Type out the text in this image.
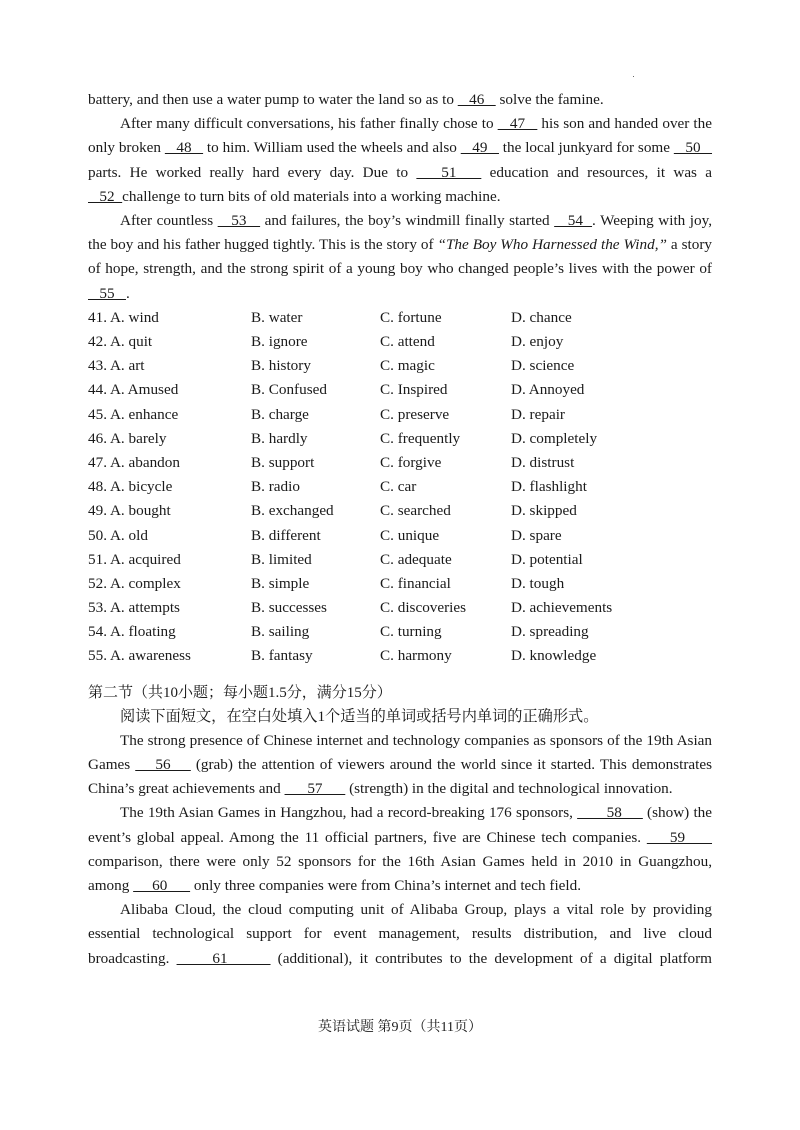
battery, and then use a water pump to water the land so as to    46    solve the famine.

After many difficult conversations, his father finally chose to    47    his son and handed over the only broken    48    to him. William used the wheels and also    49    the local junkyard for some    50    parts. He worked really hard every day. Due to    51    education and resources, it was a    52  challenge to turn bits of old materials into a working machine.

After countless    53    and failures, the boy’s windmill finally started    54  . Weeping with joy, the boy and his father hugged tightly. This is the story of “The Boy Who Harnessed the Wind,” a story of hope, strength, and the strong spirit of a young boy who changed people’s lives with the power of    55   .

41. A. wind	B. water	C. fortune	D. chance
42. A. quit	B. ignore	C. attend	D. enjoy
43. A. art	B. history	C. magic	D. science
44. A. Amused	B. Confused	C. Inspired	D. Annoyed
45. A. enhance	B. charge	C. preserve	D. repair
46. A. barely	B. hardly	C. frequently	D. completely
47. A. abandon	B. support	C. forgive	D. distrust
48. A. bicycle	B. radio	C. car	D. flashlight
49. A. bought	B. exchanged	C. searched	D. skipped
50. A. old	B. different	C. unique	D. spare
51. A. acquired	B. limited	C. adequate	D. potential
52. A. complex	B. simple	C. financial	D. tough
53. A. attempts	B. successes	C. discoveries	D. achievements
54. A. floating	B. sailing	C. turning	D. spreading
55. A. awareness	B. fantasy	C. harmony	D. knowledge

第二节（共10小题；每小题1.5分，满分15分）

阅读下面短文，在空白处填入1个适当的单词或括号内单词的正确形式。

The strong presence of Chinese internet and technology companies as sponsors of the 19th Asian Games     56     (grab) the attention of viewers around the world since it started. This demonstrates China’s great achievements and       57       (strength) in the digital and technological innovation.

The 19th Asian Games in Hangzhou, had a record-breaking 176 sponsors,        58      (show) the event’s global appeal. Among the 11 official partners, five are Chinese tech companies.     59      comparison, there were only 52 sponsors for the 16th Asian Games held in 2010 in Guangzhou, among      60       only three companies were from China’s internet and tech field.

Alibaba Cloud, the cloud computing unit of Alibaba Group, plays a vital role by providing essential technological support for event management, results distribution, and live cloud broadcasting.      61       (additional), it contributes to the development of a digital platform

英语试题 第9页（共11页）
